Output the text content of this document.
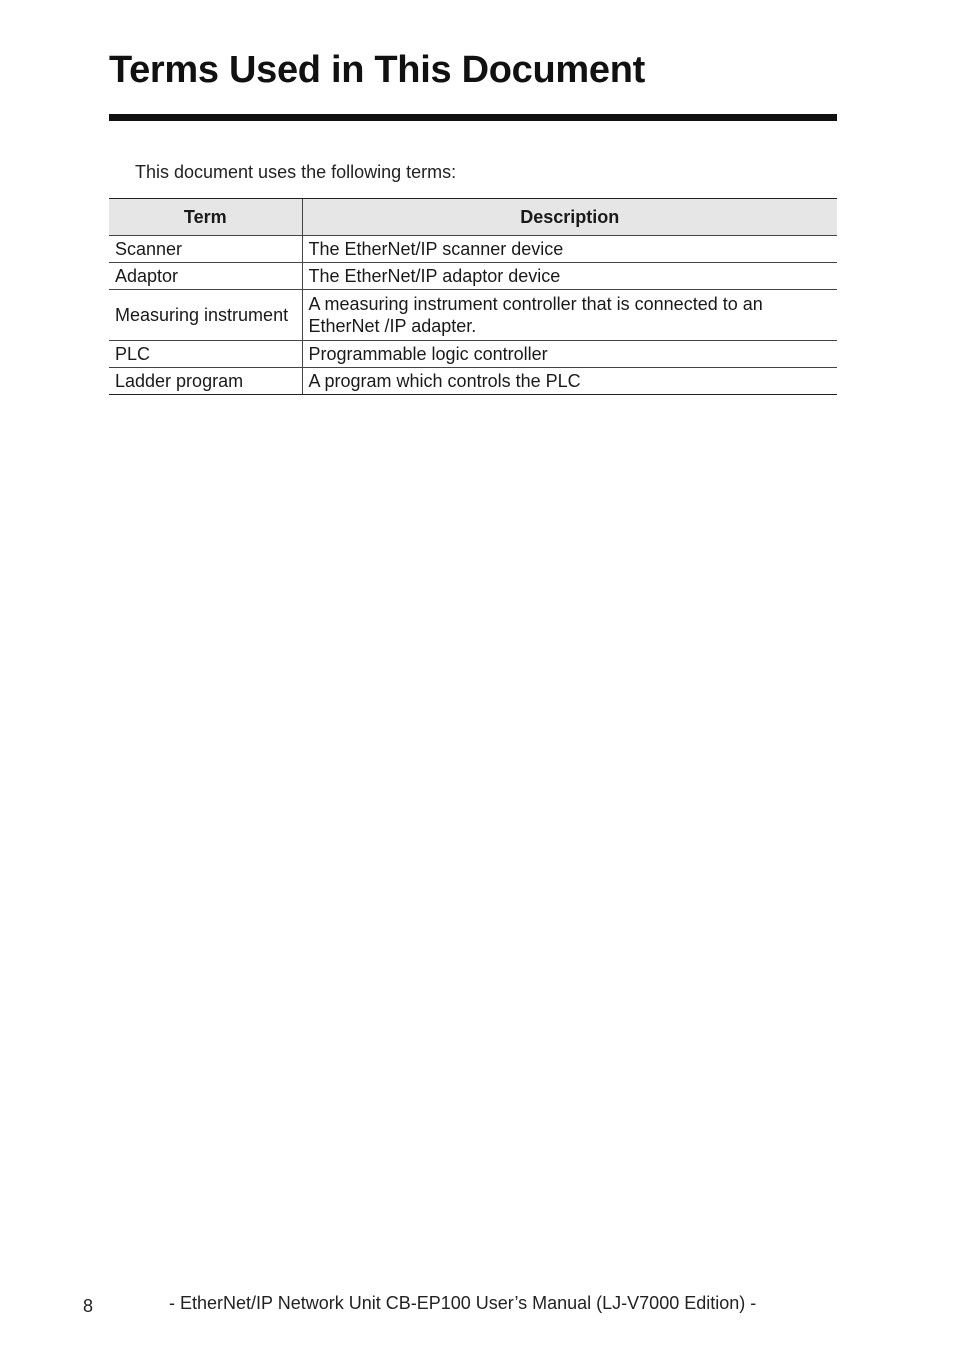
Terms Used in This Document

This document uses the following terms:

Term	Description
Scanner	The EtherNet/IP scanner device
Adaptor	The EtherNet/IP adaptor device
Measuring instrument	A measuring instrument controller that is connected to an EtherNet /IP adapter.
PLC	Programmable logic controller
Ladder program	A program which controls the PLC
8	- EtherNet/IP Network Unit CB-EP100 User’s Manual (LJ-V7000 Edition) -
